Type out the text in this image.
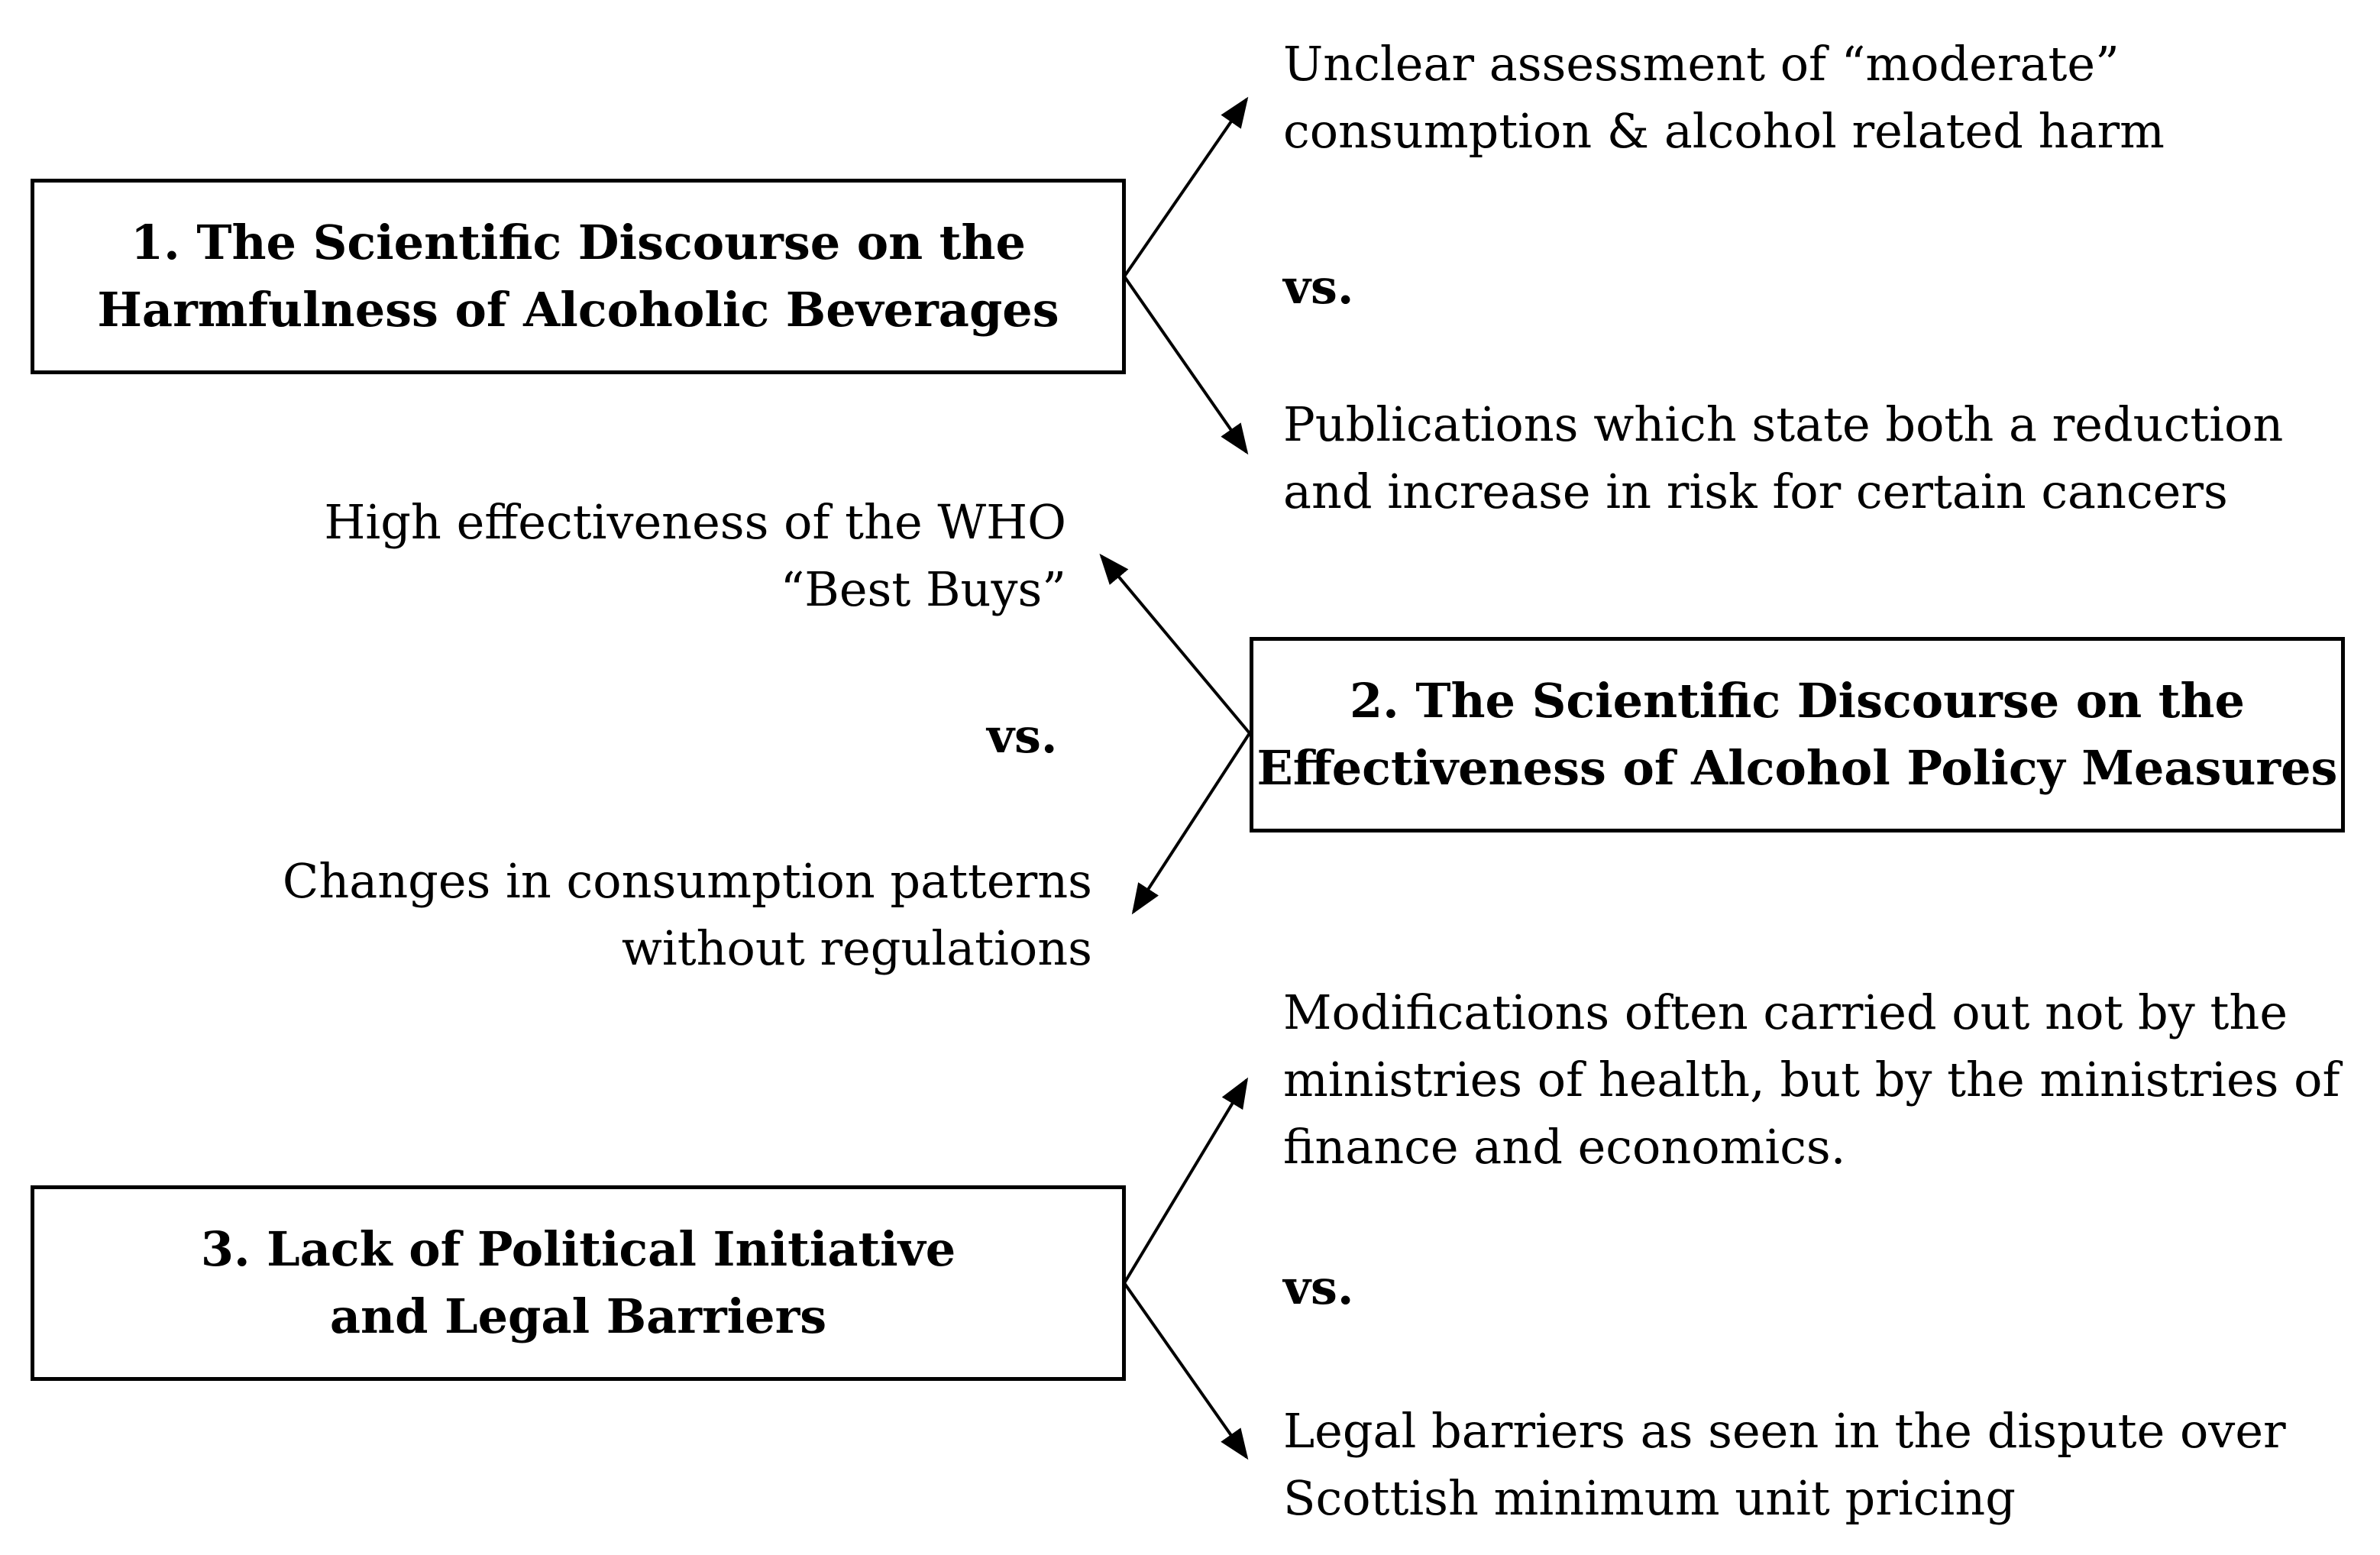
1. The Scientific Discourse on the
Harmfulness of Alcoholic Beverages
2. The Scientific Discourse on the
Effectiveness of Alcohol Policy Measures
3. Lack of Political Initiative
and Legal Barriers
Unclear assessment of “moderate”
consumption & alcohol related harm
vs.
Publications which state both a reduction
and increase in risk for certain cancers
High effectiveness of the WHO
“Best Buys”
vs.
Changes in consumption patterns
without regulations
Modifications often carried out not by the
ministries of health, but by the ministries of
finance and economics.
vs.
Legal barriers as seen in the dispute over
Scottish minimum unit pricing
